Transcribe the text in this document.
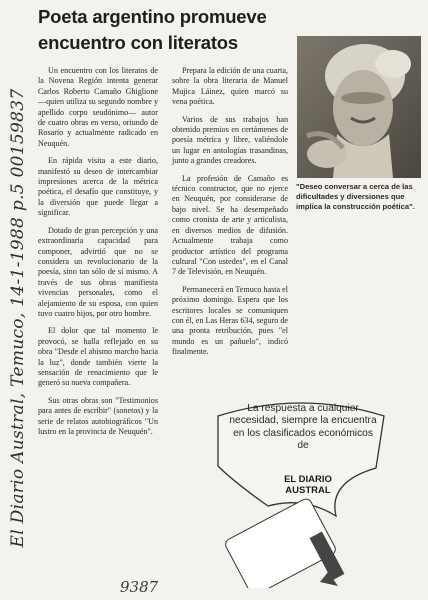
Poeta argentino promueve encuentro con literatos

Un encuentro con los literatos de la Novena Región intenta generar Carlos Roberto Camaño Ghiglione —quien utiliza su segundo nombre y apellido corpo seudónimo— autor de cuatro obras en verso, oriundo de Rosario y actualmente radicado en Neuquén.

En rápida visita a este diario, manifestó su deseo de intercambiar impresiones acerca de la métrica poética, el desafío que constituye, y la diversión que puede llegar a significar.

Dotado de gran percepción y una extraordinaria capacidad para componer, advirtió que no se considera un revolucionario de la poesía, sino tan sólo de sí mismo. A través de sus obras manifiesta vivencias personales, como el alejamiento de su esposa, con quien tuvo cuatro hijos, por otro hombre.

El dolor que tal momento le provocó, se halla reflejado en su obra "Desde el abismo marcho hacia la luz", donde también vierte la sensación de renacimiento que le generó su nueva compañera.

Sus otras obras son "Testimonios para antes de escribir" (sonetos) y la serie de relatos autobiográficos "Un lustro en la provincia de Neuquén".

Prepara la edición de una cuarta, sobre la obra literaria de Manuel Mujica Láinez, quien marcó su vena poética.

Varios de sus trabajos han obtenido premios en certámenes de poesía métrica y libre, valiéndole un lugar en antologías trasandinas, junto a grandes creadores.

La profesión de Camaño es técnico constructor, que no ejerce en Neuquén, por considerarse de bajo nivel. Se ha desempeñado como cronista de arte y articulista, en diversos medios de difusión. Actualmente trabaja como productor artístico del programa cultural "Con ustedes", en el Canal 7 de Televisión, en Neuquén.

Permanecerá en Temuco hasta el próximo domingo. Espera que los escritores locales se comuniquen con él, en Las Heras 634, seguro de una pronta retribución, pues "el mundo es un pañuelo", indicó finalmente.

"Deseo conversar a cerca de las dificultades y diversiones que implica la construcción poética".
El Diario Austral, Temuco, 14-1-1988 p.5 00159837	La respuesta a cualquier necesidad, siempre la encuentra en los clasificados económicos de
EL DIARIO
AUSTRAL
9387
